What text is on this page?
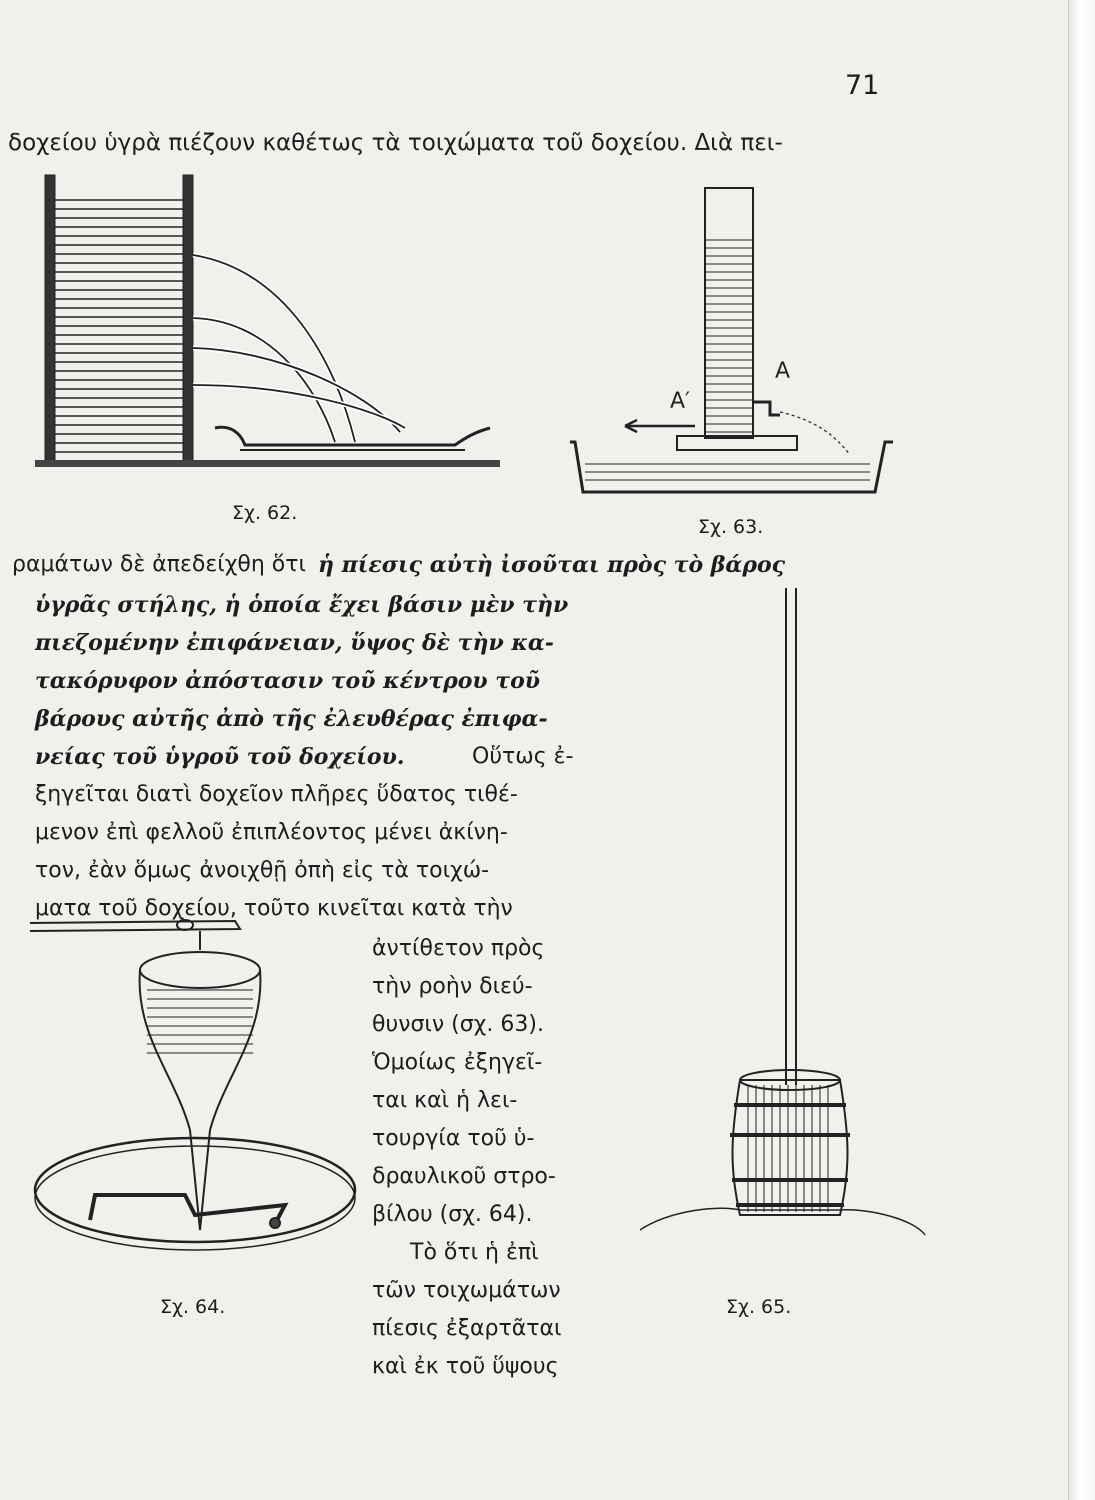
71
δοχείου ὑγρὰ πιέζουν καθέτως τὰ τοιχώματα τοῦ δοχείου. Διὰ πει-
Σχ. 62.
Α
Α′
Σχ. 63.
ραμάτων δὲ ἀπεδείχθη ὅτι ἡ πίεσις αὐτὴ ἰσοῦται πρὸς τὸ βάρος
ὑγρᾶς στήλης, ἡ ὁποία ἔχει βάσιν μὲν τὴν
πιεζομένην ἐπιφάνειαν, ὕψος δὲ τὴν κα-
τακόρυφον ἀπόστασιν τοῦ κέντρου τοῦ
βάρους αὐτῆς ἀπὸ τῆς ἐλευθέρας ἐπιφα-
νείας τοῦ ὑγροῦ τοῦ δοχείου.	Οὕτως ἐ-
ξηγεῖται διατὶ δοχεῖον πλῆρες ὕδατος τιθέ-
μενον ἐπὶ φελλοῦ ἐπιπλέοντος μένει ἀκίνη-
τον, ἐὰν ὅμως ἀνοιχθῇ ὀπὴ εἰς τὰ τοιχώ-
ματα τοῦ δοχείου, τοῦτο κινεῖται κατὰ τὴν
ἀντίθετον πρὸς
τὴν ροὴν διεύ-
θυνσιν (σχ. 63).
Ὁμοίως ἐξηγεῖ-
ται καὶ ἡ λει-
τουργία τοῦ ὑ-
δραυλικοῦ στρο-
βίλου (σχ. 64).
Τὸ ὅτι ἡ ἐπὶ
τῶν τοιχωμάτων
πίεσις ἐξαρτᾶται
καὶ ἐκ τοῦ ὕψους
Σχ. 64.	Σχ. 65.
